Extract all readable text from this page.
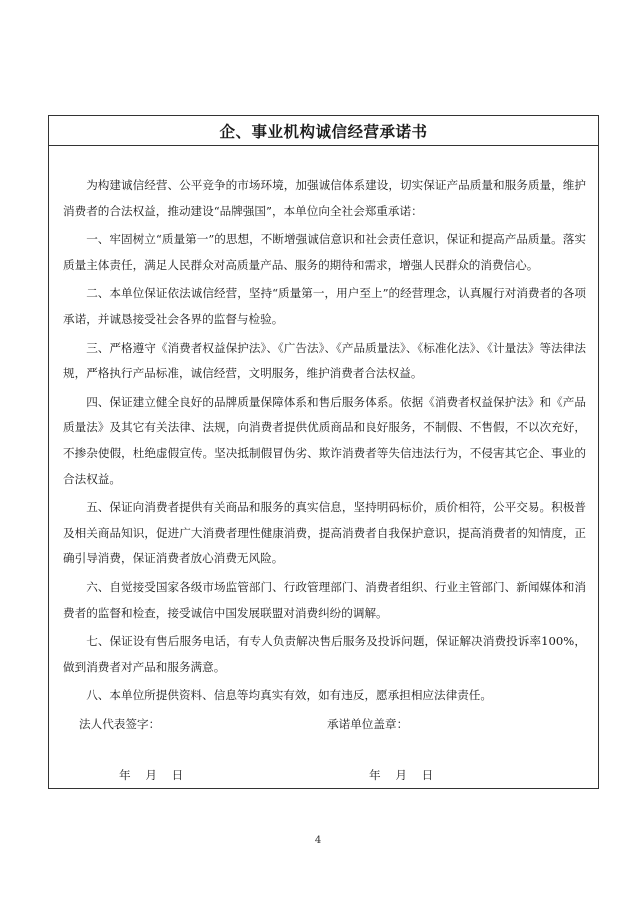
企、事业机构诚信经营承诺书

为构建诚信经营、公平竞争的市场环境，加强诚信体系建设，切实保证产品质量和服务质量，维护消费者的合法权益，推动建设“品牌强国”，本单位向全社会郑重承诺：

一、牢固树立“质量第一”的思想，不断增强诚信意识和社会责任意识，保证和提高产品质量。落实质量主体责任，满足人民群众对高质量产品、服务的期待和需求，增强人民群众的消费信心。

二、本单位保证依法诚信经营，坚持“质量第一，用户至上”的经营理念，认真履行对消费者的各项承诺，并诚恳接受社会各界的监督与检验。

三、严格遵守《消费者权益保护法》、《广告法》、《产品质量法》、《标准化法》、《计量法》等法律法规，严格执行产品标准，诚信经营，文明服务，维护消费者合法权益。

四、保证建立健全良好的品牌质量保障体系和售后服务体系。依据《消费者权益保护法》和《产品质量法》及其它有关法律、法规，向消费者提供优质商品和良好服务，不制假、不售假，不以次充好，不掺杂使假，杜绝虚假宣传。坚决抵制假冒伪劣、欺诈消费者等失信违法行为，不侵害其它企、事业的合法权益。

五、保证向消费者提供有关商品和服务的真实信息，坚持明码标价，质价相符，公平交易。积极普及相关商品知识，促进广大消费者理性健康消费，提高消费者自我保护意识，提高消费者的知情度，正确引导消费，保证消费者放心消费无风险。

六、自觉接受国家各级市场监管部门、行政管理部门、消费者组织、行业主管部门、新闻媒体和消费者的监督和检查，接受诚信中国发展联盟对消费纠纷的调解。

七、保证设有售后服务电话，有专人负责解决售后服务及投诉问题，保证解决消费投诉率100%，做到消费者对产品和服务满意。

八、本单位所提供资料、信息等均真实有效，如有违反，愿承担相应法律责任。

法人代表签字：	承诺单位盖章：
年    月    日	年    月    日
4
